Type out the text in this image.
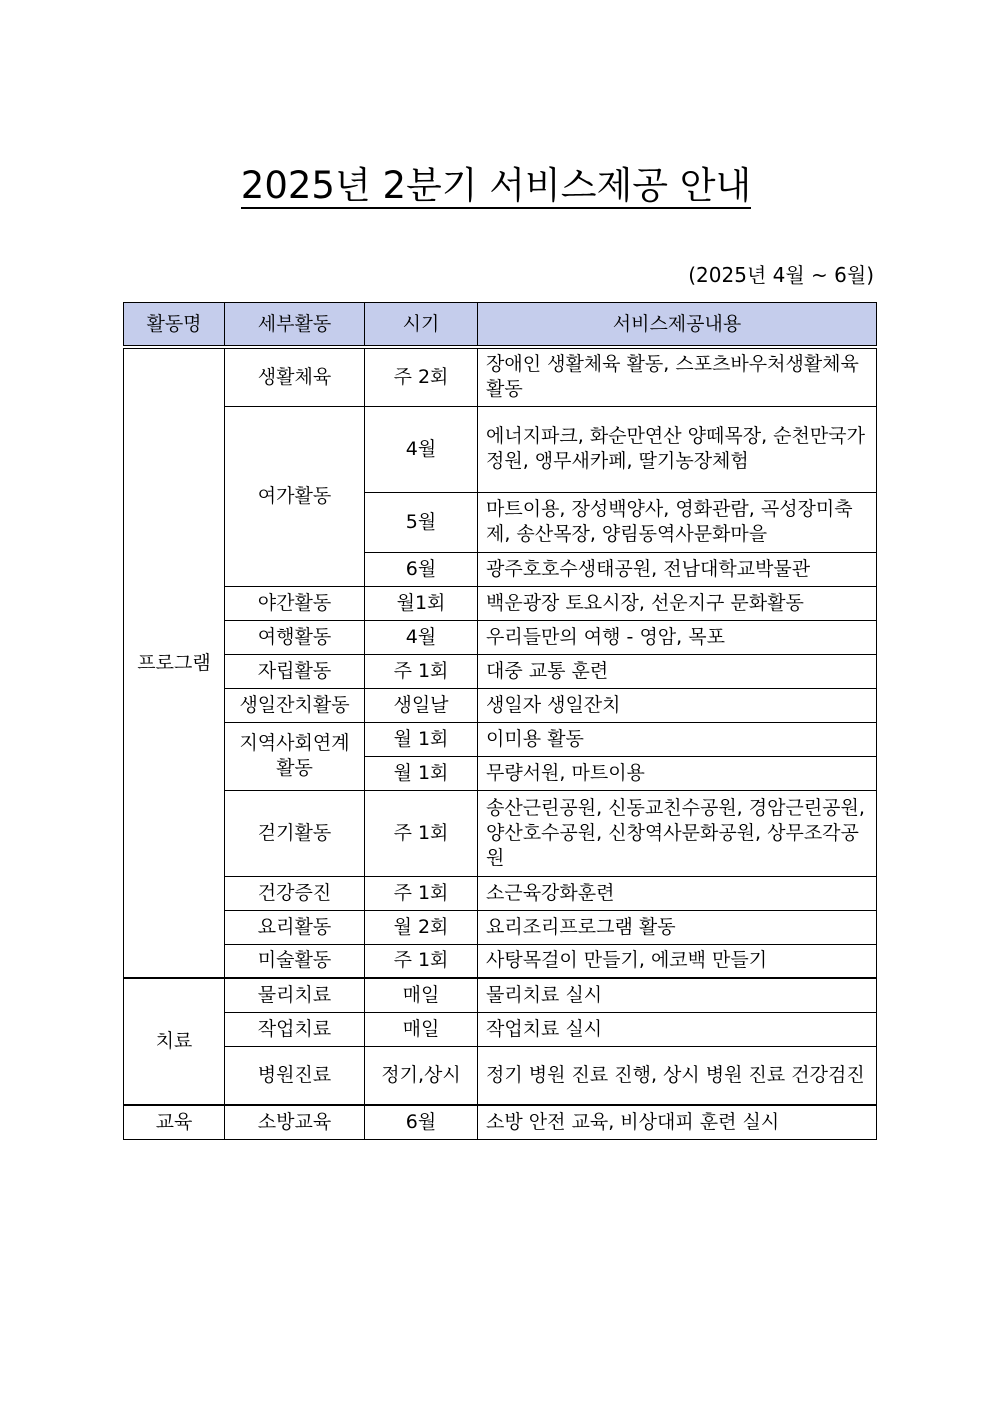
2025년 2분기 서비스제공 안내
(2025년 4월 ~ 6월)
활동명	세부활동	시기	서비스제공내용
프로그램	생활체육	주 2회	장애인 생활체육 활동, 스포츠바우처생활체육 활동
	여가활동	4월	에너지파크, 화순만연산 양떼목장, 순천만국가정원, 앵무새카페, 딸기농장체험
		5월	마트이용, 장성백양사, 영화관람, 곡성장미축제, 송산목장, 양림동역사문화마을
		6월	광주호호수생태공원, 전남대학교박물관
	야간활동	월1회	백운광장 토요시장, 선운지구 문화활동
	여행활동	4월	우리들만의 여행 - 영암, 목포
	자립활동	주 1회	대중 교통 훈련
	생일잔치활동	생일날	생일자 생일잔치
	지역사회연계활동	월 1회	이미용 활동
		월 1회	무량서원, 마트이용
	걷기활동	주 1회	송산근린공원, 신동교친수공원, 경암근린공원, 양산호수공원, 신창역사문화공원, 상무조각공원
	건강증진	주 1회	소근육강화훈련
	요리활동	월 2회	요리조리프로그램 활동
	미술활동	주 1회	사탕목걸이 만들기, 에코백 만들기
치료	물리치료	매일	물리치료 실시
	작업치료	매일	작업치료 실시
	병원진료	정기,상시	정기 병원 진료 진행, 상시 병원 진료 건강검진
교육	소방교육	6월	소방 안전 교육, 비상대피 훈련 실시
